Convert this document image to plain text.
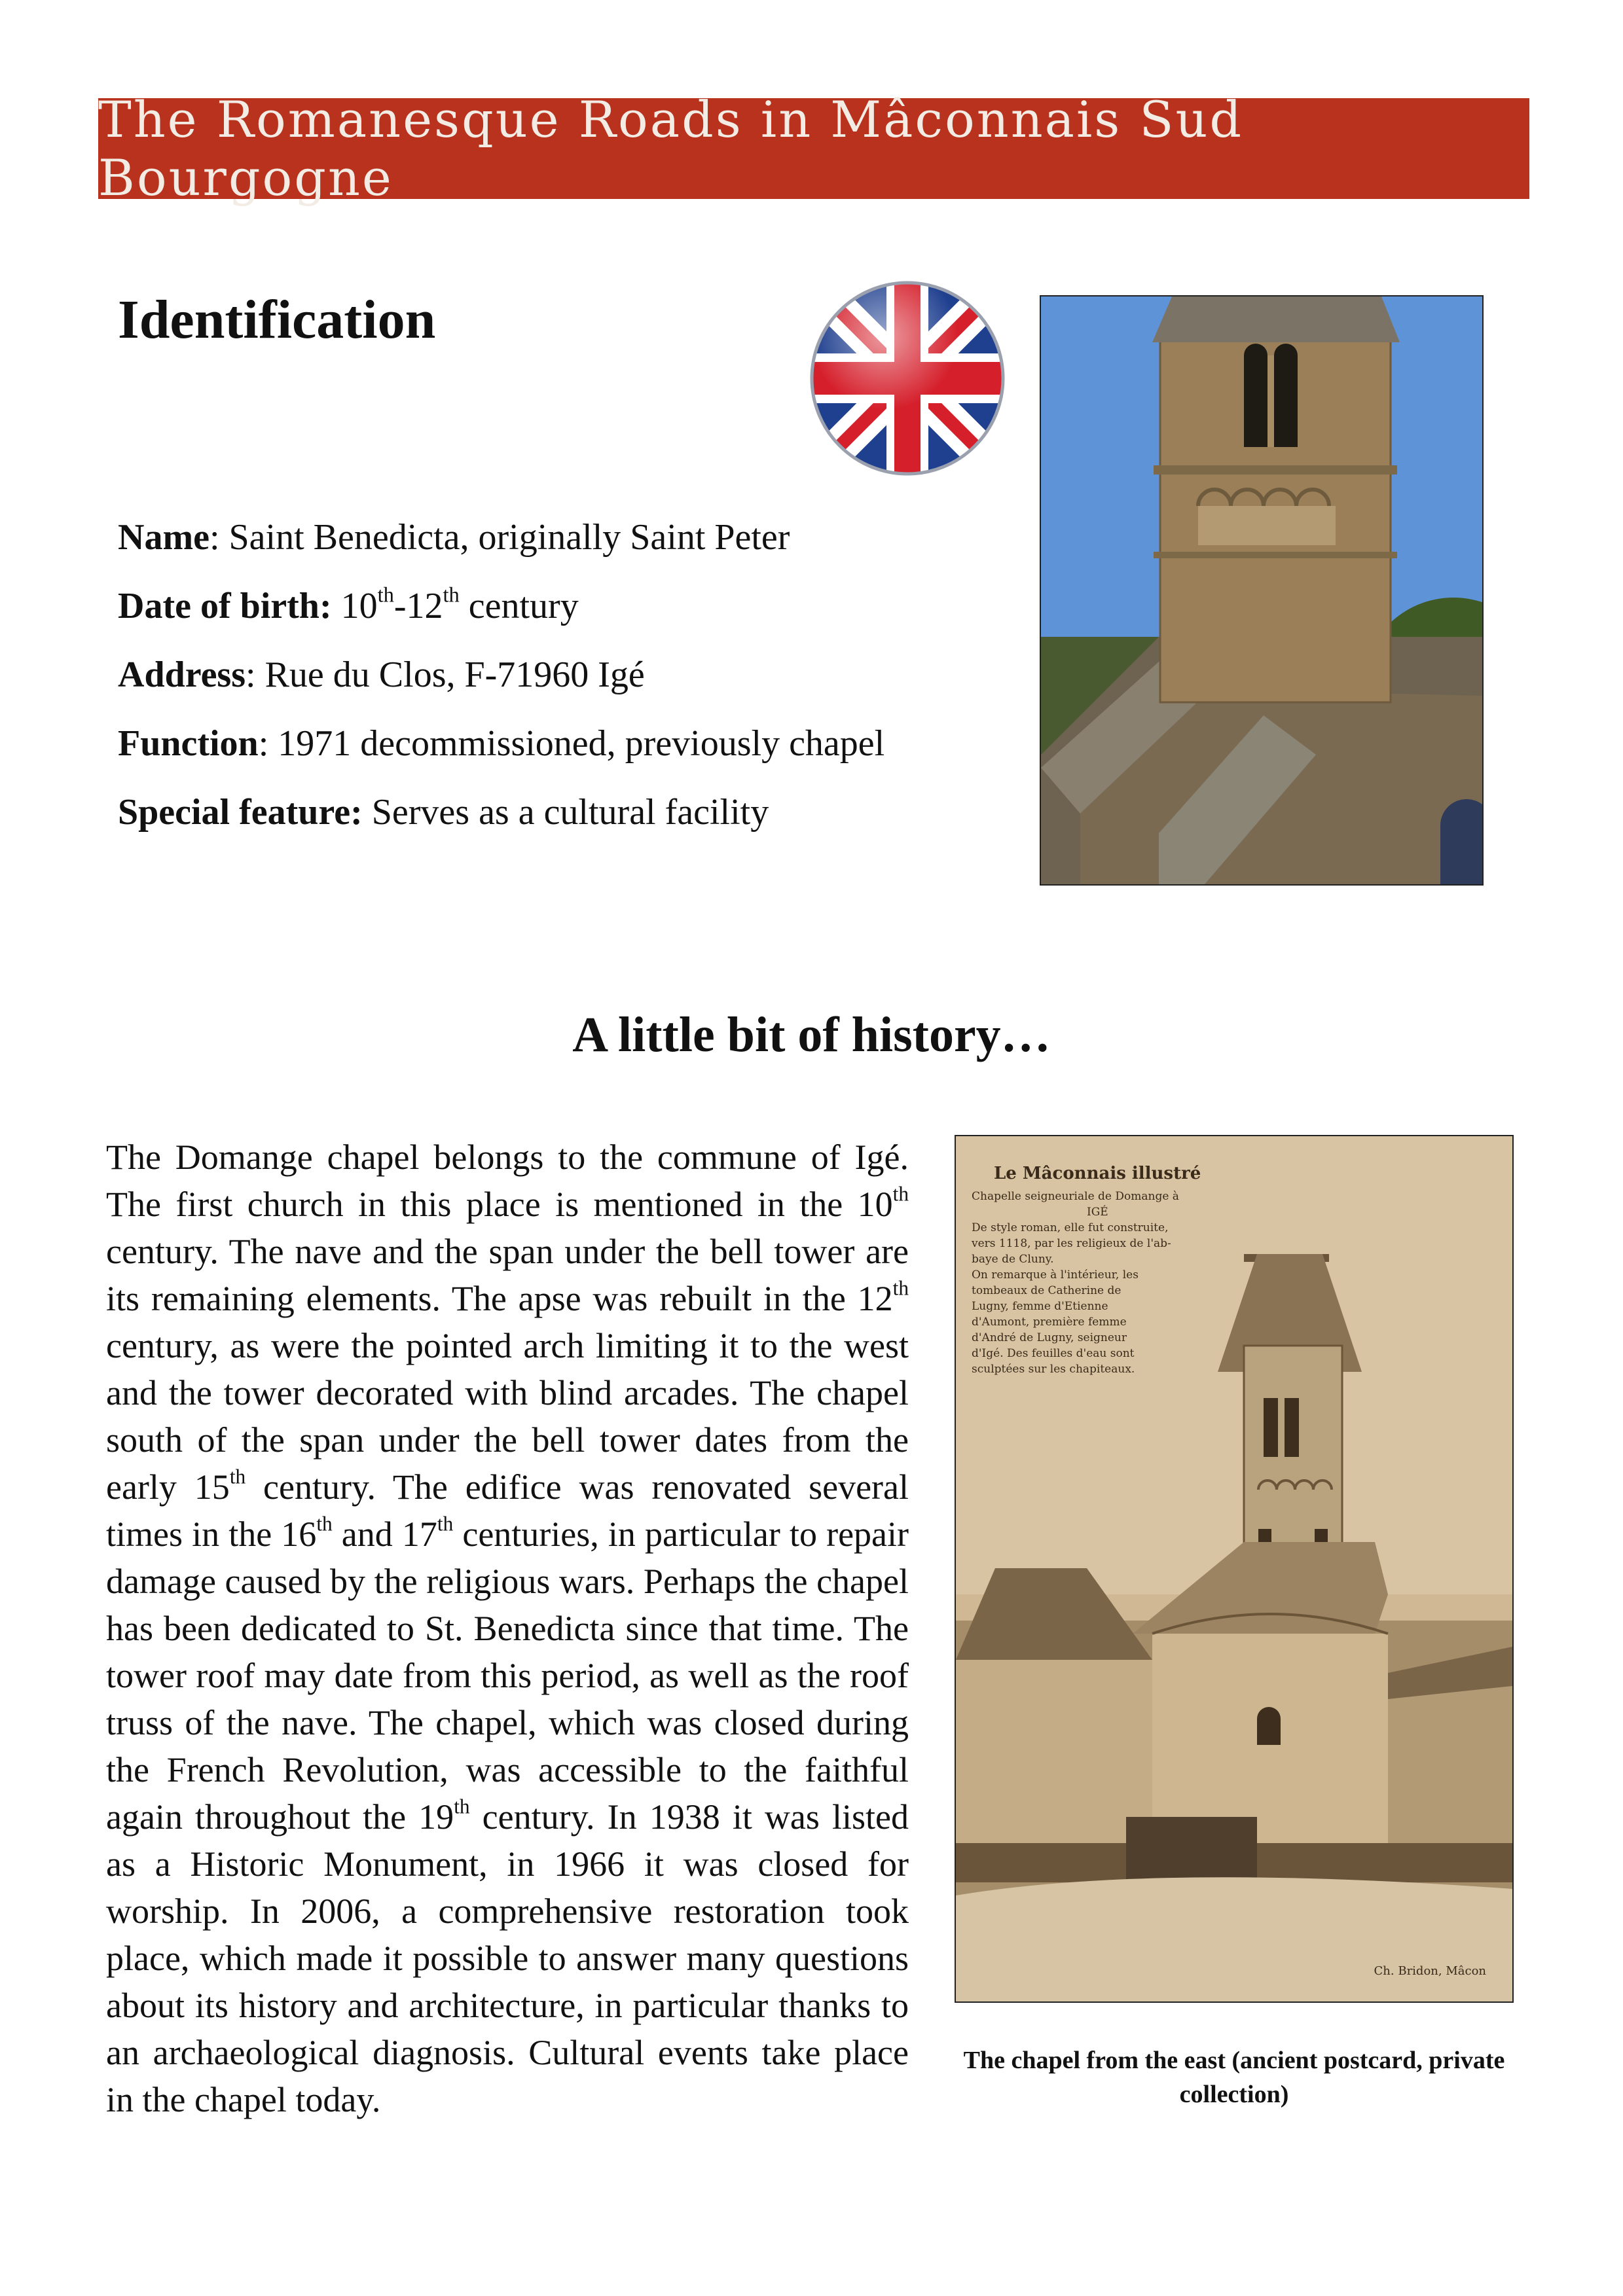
The Romanesque Roads in Mâconnais Sud Bourgogne
Identification
Name: Saint Benedicta, originally Saint Peter
Date of birth: 10th-12th century
Address: Rue du Clos, F-71960 Igé
Function: 1971 decommissioned, previously chapel
Special feature: Serves as a cultural facility
A little bit of history…

The Domange chapel belongs to the commune of Igé. The first church in this place is mentioned in the 10th century. The nave and the span under the bell tower are its remaining elements. The apse was rebuilt in the 12th century, as were the pointed arch limiting it to the west and the tower decorated with blind arcades. The chapel south of the span under the bell tower dates from the early 15th century. The edifice was renovated several times in the 16th and 17th centuries, in particular to repair damage caused by the religious wars. Perhaps the chapel has been dedicated to St. Benedicta since that time. The tower roof may date from this period, as well as the roof truss of the nave. The chapel, which was closed during the French Revolution, was accessible to the faithful again throughout the 19th century. In 1938 it was listed as a Historic Monument, in 1966 it was closed for worship. In 2006, a comprehensive restoration took place, which made it possible to answer many questions about its history and architecture, in particular thanks to an archaeological diagnosis. Cultural events take place in the chapel today.

Le Mâconnais illustré
Chapelle seigneuriale de Domange à
IGÉ
De style roman, elle fut construite,
vers 1118, par les religieux de l'ab-
baye de Cluny.
On remarque à l'intérieur, les
tombeaux de Catherine de
Lugny, femme d'Etienne
d'Aumont, première femme
d'André de Lugny, seigneur
d'Igé. Des feuilles d'eau sont
sculptées sur les chapiteaux.
Ch. Bridon, Mâcon

The chapel from the east (ancient postcard, private collection)
